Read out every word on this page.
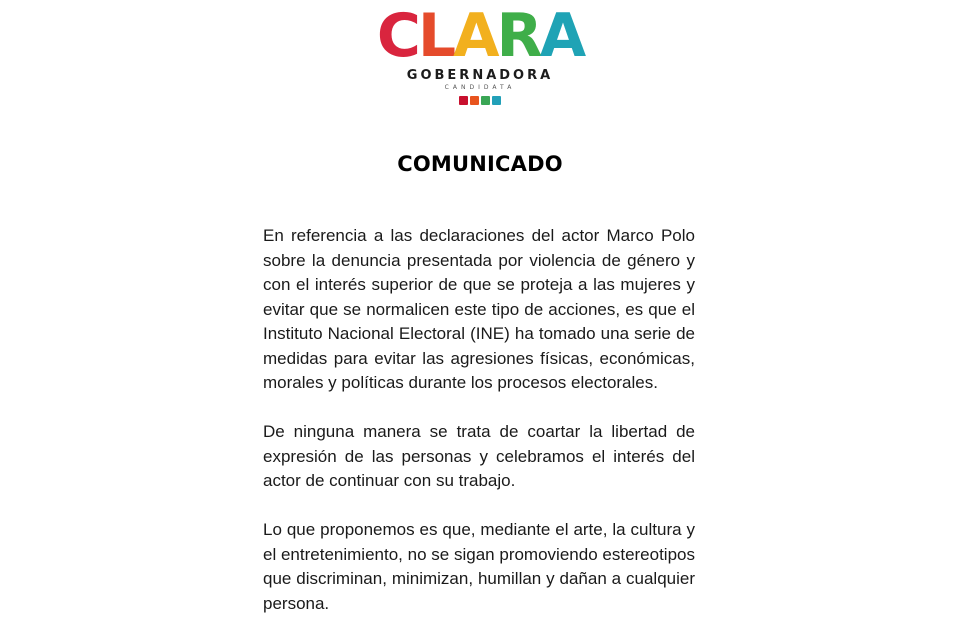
C L A R A
GOBERNADORA
CANDIDATA
COMUNICADO

En referencia a las declaraciones del actor Marco Polo sobre la denuncia presentada por violencia de género y con el interés superior de que se proteja a las mujeres y evitar que se normalicen este tipo de acciones, es que el Instituto Nacional Electoral (INE) ha tomado una serie de medidas para evitar las agresiones físicas, económicas, morales y políticas durante los procesos electorales.

De ninguna manera se trata de coartar la libertad de expresión de las personas y celebramos el interés del actor de continuar con su trabajo.

Lo que proponemos es que, mediante el arte, la cultura y el entretenimiento, no se sigan promoviendo estereotipos que discriminan, minimizan, humillan y dañan a cualquier persona.
